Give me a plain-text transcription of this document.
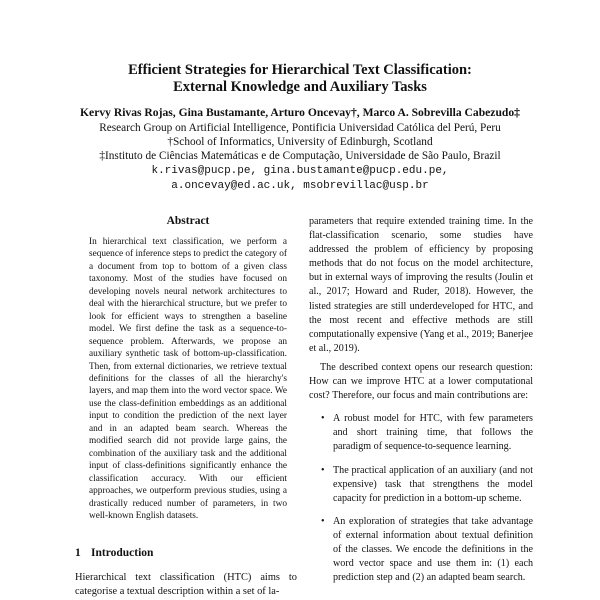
Efficient Strategies for Hierarchical Text Classification:
External Knowledge and Auxiliary Tasks
Kervy Rivas Rojas, Gina Bustamante, Arturo Oncevay†, Marco A. Sobrevilla Cabezudo‡
Research Group on Artificial Intelligence, Pontificia Universidad Católica del Perú, Peru
†School of Informatics, University of Edinburgh, Scotland
‡Instituto de Ciências Matemáticas e de Computação, Universidade de São Paulo, Brazil
k.rivas@pucp.pe, gina.bustamante@pucp.edu.pe,
a.oncevay@ed.ac.uk, msobrevillac@usp.br
Abstract

In hierarchical text classification, we perform a sequence of inference steps to predict the category of a document from top to bottom of a given class taxonomy. Most of the studies have focused on developing novels neural network architectures to deal with the hierarchical structure, but we prefer to look for efficient ways to strengthen a baseline model. We first define the task as a sequence-to-sequence problem. Afterwards, we propose an auxiliary synthetic task of bottom-up-classification. Then, from external dictionaries, we retrieve textual definitions for the classes of all the hierarchy's layers, and map them into the word vector space. We use the class-definition embeddings as an additional input to condition the prediction of the next layer and in an adapted beam search. Whereas the modified search did not provide large gains, the combination of the auxiliary task and the additional input of class-definitions significantly enhance the classification accuracy. With our efficient approaches, we outperform previous studies, using a drastically reduced number of parameters, in two well-known English datasets.

1 Introduction
Hierarchical text classification (HTC) aims to categorise a textual description within a set of la-

parameters that require extended training time. In the flat-classification scenario, some studies have addressed the problem of efficiency by proposing methods that do not focus on the model architecture, but in external ways of improving the results (Joulin et al., 2017; Howard and Ruder, 2018). However, the listed strategies are still underdeveloped for HTC, and the most recent and effective methods are still computationally expensive (Yang et al., 2019; Banerjee et al., 2019).

The described context opens our research question: How can we improve HTC at a lower computational cost? Therefore, our focus and main contributions are:

• A robust model for HTC, with few parameters and short training time, that follows the paradigm of sequence-to-sequence learning.
• The practical application of an auxiliary (and not expensive) task that strengthens the model capacity for prediction in a bottom-up scheme.
• An exploration of strategies that take advantage of external information about textual definition of the classes. We encode the definitions in the word vector space and use them in: (1) each prediction step and (2) an adapted beam search.
